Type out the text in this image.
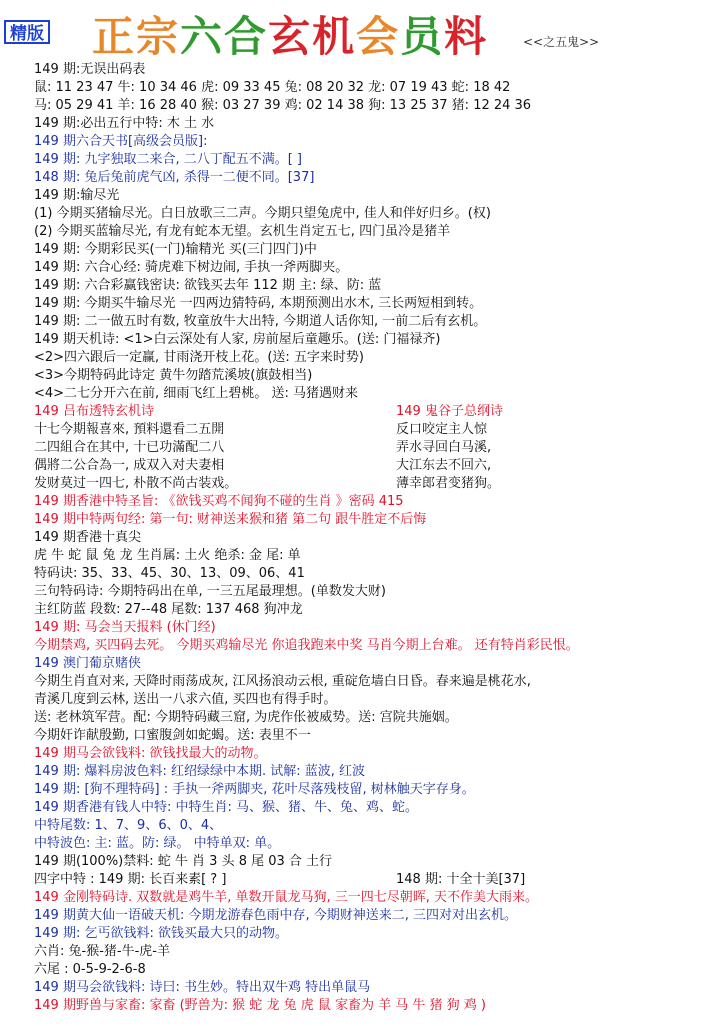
精版 正宗六合玄机会员料	<<之五鬼>>
149 期:无误出码表
鼠: 11 23 47 牛: 10 34 46 虎: 09 33 45 兔: 08 20 32 龙: 07 19 43 蛇: 18 42
马: 05 29 41 羊: 16 28 40 猴: 03 27 39 鸡: 02 14 38 狗: 13 25 37 猪: 12 24 36
149 期:必出五行中特: 木 土 水
149 期六合天书[高级会员版]:
149 期: 九字独取二来合, 二八丁配五不满。[ ]
148 期: 兔后兔前虎气凶, 杀得一二便不同。[37]
149 期:输尽光
(1) 今期买猪输尽光。白日放歌三二声。今期只望兔虎中, 佳人和伴好归乡。(权)
(2) 今期买蓝输尽光, 有龙有蛇本无望。玄机生肖定五七, 四门虽冷是猪羊
149 期: 今期彩民买(一门)输精光 买(三门四门)中
149 期: 六合心经: 骑虎难下树边闹, 手执一斧两脚夹。
149 期: 六合彩赢钱密诀: 欲钱买去年 112 期 主: 绿、防: 蓝
149 期: 今期买牛输尽光 一四两边猜特码, 本期预测出水木, 三长两短相到转。
149 期: 二一做五时有数, 牧童放牛大出特, 今期道人话你知, 一前二后有玄机。
149 期天机诗: <1>白云深处有人家, 房前屋后童趣乐。(送: 门福禄齐)
<2>四六跟后一定赢, 甘雨浇开枝上花。(送: 五字来时势)
<3>今期特码此诗定 黄牛勿踏荒溪坡(旗鼓相当)
<4>二七分开六在前, 细雨飞红上碧桃。 送: 马猪遇财来
149 吕布透特玄机诗	149 鬼谷子总纲诗
十七今期報喜來, 預料還看二五開	反口咬定主人惊
二四組合在其中, 十已功滿配二八	弄水寻回白马溪,
偶將二公合為一, 成双入对夫妻相	大江东去不回六,
发财莫过一四七, 朴散不尚古装戏。	薄幸郎君变猪狗。
149 期香港中特圣旨: 《欲钱买鸡不闻狗不碰的生肖 》密码 415
149 期中特两句经: 第一句: 财神送来猴和猪 第二句 跟牛胜定不后悔
149 期香港十真尖
虎 牛 蛇 鼠 兔 龙 生肖属: 土火 绝杀: 金 尾: 单
特码诀: 35、33、45、30、13、09、06、41
三句特码诗: 今期特码出在单, 一三五尾最理想。(单数发大财)
主红防蓝 段数: 27--48 尾数: 137 468 狗冲龙
149 期: 马会当天报料 (休门经)
今期禁鸡, 买四码去死。 今期买鸡输尽光 你追我跑来中奖 马肖今期上台难。 还有特肖彩民恨。
149 澳门葡京赌侠
今期生肖直对来, 天降时雨荡成灰, 江风扬浪动云根, 重碇危墙白日昏。春来遍是桃花水,
青溪几度到云林, 送出一八求六值, 买四也有得手时。
送: 老林筑军营。配: 今期特码藏三窟, 为虎作伥被威势。送: 宫院共施姻。
今期奸诈献殷勤, 口蜜腹剑如蛇蝎。送: 表里不一
149 期马会欲钱料: 欲钱找最大的动物。
149 期: 爆料房波色料: 红绍绿绿中本期. 试解: 蓝波, 红波
149 期: [狗不理特码] : 手执一斧两脚夹, 花叶尽落残枝留, 树林触天字存身。
149 期香港有钱人中特: 中特生肖: 马、猴、猪、牛、兔、鸡、蛇。
中特尾数: 1、7、9、6、0、4、
中特波色: 主: 蓝。防: 绿。 中特单双: 单。
149 期(100%)禁料: 蛇 牛 肖 3 头 8 尾 03 合 土行
四字中特 : 149 期: 长百来素[ ? ]	148 期: 十全十美[37]
149 金刚特码诗. 双数就是鸡牛羊, 单数开鼠龙马狗, 三一四七尽朝晖, 天不作美大雨来。
149 期黄大仙一语破天机: 今期龙游春色雨中存, 今期财神送来二, 三四对对出玄机。
149 期: 乞丐欲钱料: 欲钱买最大只的动物。
六肖: 兔-猴-猪-牛-虎-羊
六尾 : 0-5-9-2-6-8
149 期马会欲钱料: 诗曰: 书生妙。特出双牛鸡 特出单鼠马
149 期野兽与家畜: 家畜 (野兽为: 猴 蛇 龙 兔 虎 鼠 家畜为 羊 马 牛 猪 狗 鸡 )
